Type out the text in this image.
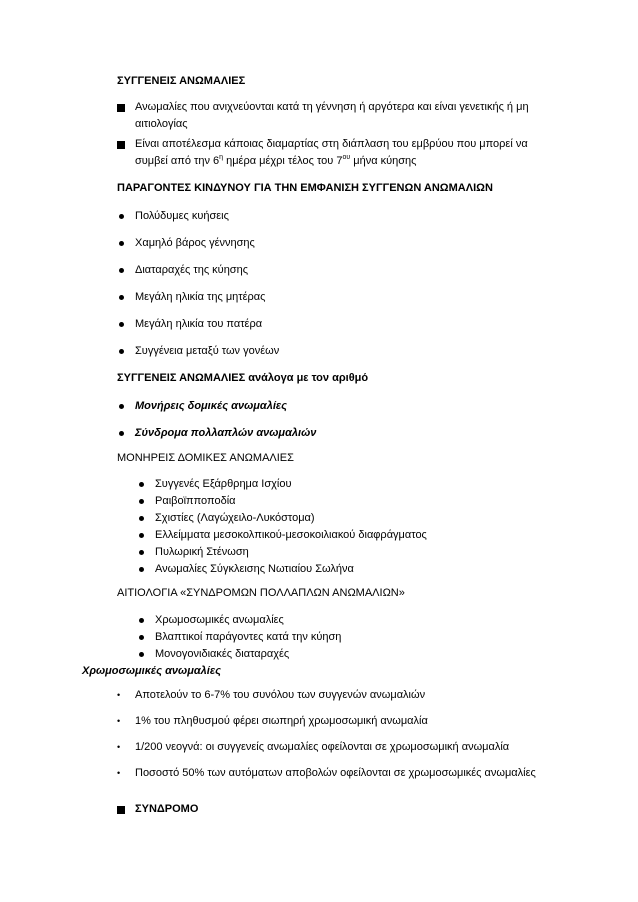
ΣΥΓΓΕΝΕΙΣ ΑΝΩΜΑΛΙΕΣ
Ανωμαλίες που ανιχνεύονται κατά τη γέννηση ή αργότερα και είναι γενετικής ή μη
αιτιολογίας
Είναι αποτέλεσμα κάποιας διαμαρτίας στη διάπλαση του εμβρύου που μπορεί να
συμβεί από την $6^\eta$ ημέρα μέχρι τέλος του $7^{o\upsilon}$ μήνα κύησης
ΠΑΡΑΓΟΝΤΕΣ ΚΙΝΔΥΝΟΥ ΓΙΑ ΤΗΝ ΕΜΦΑΝΙΣΗ ΣΥΓΓΕΝΩΝ ΑΝΩΜΑΛΙΩΝ
Πολύδυμες κυήσεις
Χαμηλό βάρος γέννησης
Διαταραχές της κύησης
Μεγάλη ηλικία της μητέρας
Μεγάλη ηλικία του πατέρα
Συγγένεια μεταξύ των γονέων
ΣΥΓΓΕΝΕΙΣ ΑΝΩΜΑΛΙΕΣ ανάλογα με τον αριθμό
Μονήρεις δομικές ανωμαλίες
Σύνδρομα πολλαπλών ανωμαλιών
ΜΟΝΗΡΕΙΣ ΔΟΜΙΚΕΣ ΑΝΩΜΑΛΙΕΣ
Συγγενές Εξάρθρημα Ισχίου
Ραιβοϊπποποδία
Σχιστίες (Λαγώχειλο-Λυκόστομα)
Ελλείμματα μεσοκολπικού-μεσοκοιλιακού διαφράγματος
Πυλωρική Στένωση
Ανωμαλίες Σύγκλεισης Νωτιαίου Σωλήνα
ΑΙΤΙΟΛΟΓΙΑ «ΣΥΝΔΡΟΜΩΝ ΠΟΛΛΑΠΛΩΝ ΑΝΩΜΑΛΙΩΝ»
Χρωμοσωμικές ανωμαλίες
Βλαπτικοί παράγοντες κατά την κύηση
Μονογονιδιακές διαταραχές
Χρωμοσωμικές ανωμαλίες
• Αποτελούν το 6-7% του συνόλου των συγγενών ανωμαλιών
• 1% του πληθυσμού φέρει σιωπηρή χρωμοσωμική ανωμαλία
• 1/200 νεογνά: οι συγγενείς ανωμαλίες οφείλονται σε χρωμοσωμική ανωμαλία
• Ποσοστό 50% των αυτόματων αποβολών οφείλονται σε χρωμοσωμικές ανωμαλίες
ΣΥΝΔΡΟΜΟ
